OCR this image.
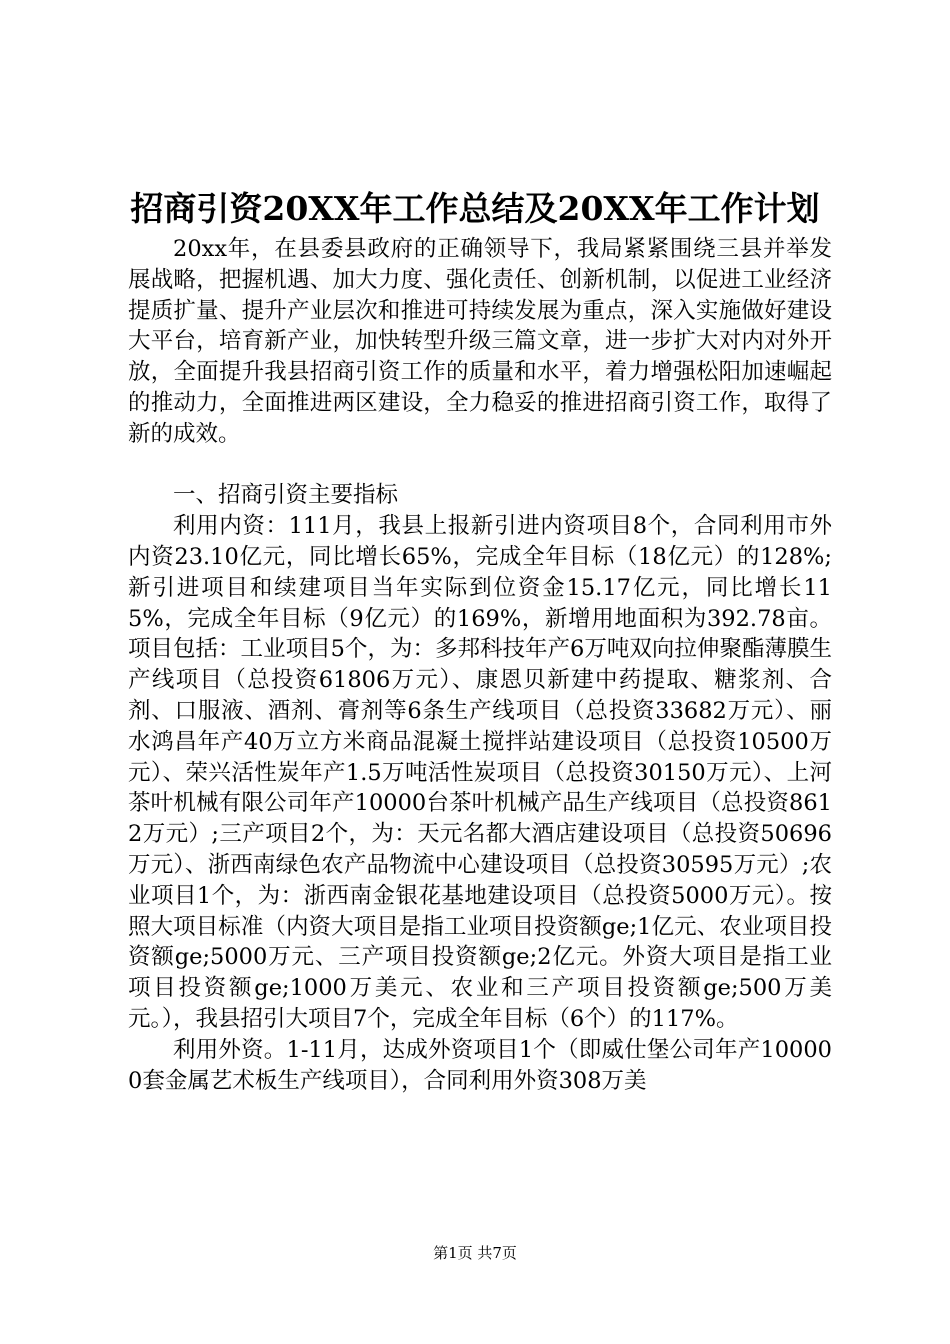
招商引资20XX年工作总结及20XX年工作计划

20xx年，在县委县政府的正确领导下，我局紧紧围绕三县并举发展战略，把握机遇、加大力度、强化责任、创新机制，以促进工业经济提质扩量、提升产业层次和推进可持续发展为重点，深入实施做好建设大平台，培育新产业，加快转型升级三篇文章，进一步扩大对内对外开放，全面提升我县招商引资工作的质量和水平，着力增强松阳加速崛起的推动力，全面推进两区建设，全力稳妥的推进招商引资工作，取得了新的成效。

一、招商引资主要指标

利用内资：111月，我县上报新引进内资项目8个，合同利用市外内资23.10亿元，同比增长65%，完成全年目标（18亿元）的128%;新引进项目和续建项目当年实际到位资金15.17亿元，同比增长115%，完成全年目标（9亿元）的169%，新增用地面积为392.78亩。项目包括：工业项目5个，为：多邦科技年产6万吨双向拉伸聚酯薄膜生产线项目（总投资61806万元）、康恩贝新建中药提取、糖浆剂、合剂、口服液、酒剂、膏剂等6条生产线项目（总投资33682万元）、丽水鸿昌年产40万立方米商品混凝土搅拌站建设项目（总投资10500万元）、荣兴活性炭年产1.5万吨活性炭项目（总投资30150万元）、上河茶叶机械有限公司年产10000台茶叶机械产品生产线项目（总投资8612万元）;三产项目2个，为：天元名都大酒店建设项目（总投资50696万元）、浙西南绿色农产品物流中心建设项目（总投资30595万元）;农业项目1个，为：浙西南金银花基地建设项目（总投资5000万元）。按照大项目标准（内资大项目是指工业项目投资额ge;1亿元、农业项目投资额ge;5000万元、三产项目投资额ge;2亿元。外资大项目是指工业项目投资额ge;1000万美元、农业和三产项目投资额ge;500万美元。），我县招引大项目7个，完成全年目标（6个）的117%。

利用外资。1-11月，达成外资项目1个（即威仕堡公司年产100000套金属艺术板生产线项目），合同利用外资308万美

第1页 共7页
